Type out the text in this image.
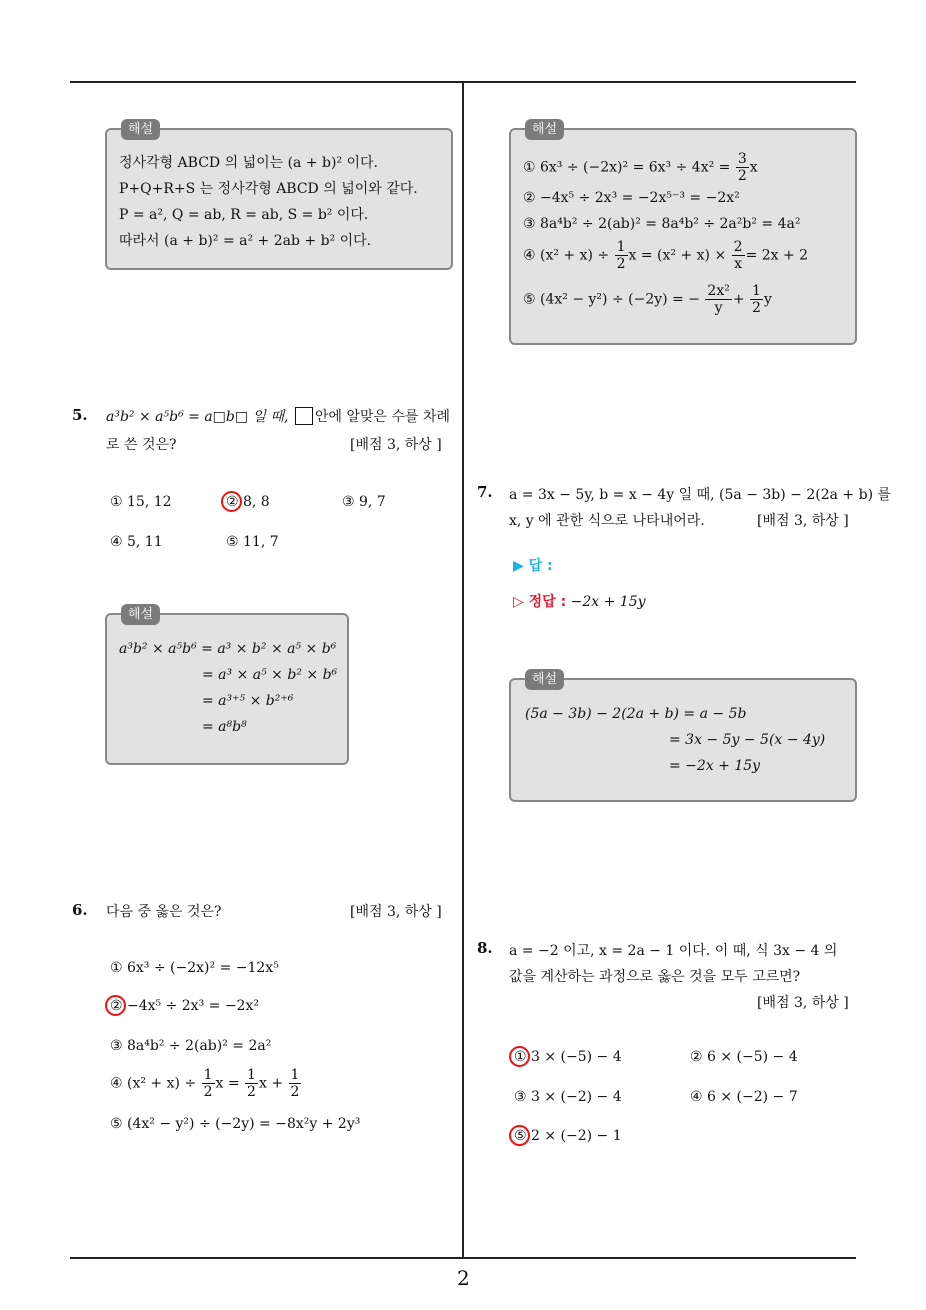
해설
정사각형 ABCD 의 넓이는 (a + b)² 이다.
P+Q+R+S 는 정사각형 ABCD 의 넓이와 같다.
P = a², Q = ab, R = ab, S = b² 이다.
따라서 (a + b)² = a² + 2ab + b² 이다.
5. a³b² × a⁵b⁶ = a□b□ 일 때, 안에 알맞은 수를 차례
로 쓴 것은?	[배점 3, 하상 ]
① 15, 12	② 8, 8	③ 9, 7
④ 5, 11	⑤ 11, 7
해설
a³b² × a⁵b⁶ = a³ × b² × a⁵ × b⁶
= a³ × a⁵ × b² × b⁶
= a³⁺⁵ × b²⁺⁶
= a⁸b⁸
6. 다음 중 옳은 것은?	[배점 3, 하상 ]
① 6x³ ÷ (−2x)² = −12x⁵
② −4x⁵ ÷ 2x³ = −2x²
③ 8a⁴b² ÷ 2(ab)² = 2a²
④ $(x^2 + x) \div \frac{1}{2}$ $x = \frac{1}{2}$ $x + \frac{1}{2}$
⑤ (4x² − y²) ÷ (−2y) = −8x²y + 2y³
해설
① $6x^3 \div (-2x)^2 = 6x^3 \div 4x^2 = \frac{3}{2}$ x
② −4x⁵ ÷ 2x³ = −2x⁵⁻³ = −2x²
③ 8a⁴b² ÷ 2(ab)² = 8a⁴b² ÷ 2a²b² = 4a²
④ $(x^2 + x) \div \frac{1}{2}$ $x = (x^2 + x) \times \frac{2}{x} = 2x + 2$
⑤ (4x² − y²) ÷ (−2y) = − $\frac{\text{2x²}}{y} + \frac{1}{2}$ y
7. a = 3x − 5y, b = x − 4y 일 때, (5a − 3b) − 2(2a + b) 를
x, y 에 관한 식으로 나타내어라.	[배점 3, 하상 ]
▶ 답 :
▷ 정답 : −2x + 15y
해설
(5a − 3b) − 2(2a + b) = a − 5b
= 3x − 5y − 5(x − 4y)
= −2x + 15y
8. a = −2 이고, x = 2a − 1 이다. 이 때, 식 3x − 4 의
값을 계산하는 과정으로 옳은 것을 모두 고르면?
[배점 3, 하상 ]
① 3 × (−5) − 4	② 6 × (−5) − 4
③ 3 × (−2) − 4	④ 6 × (−2) − 7
⑤ 2 × (−2) − 1
2
